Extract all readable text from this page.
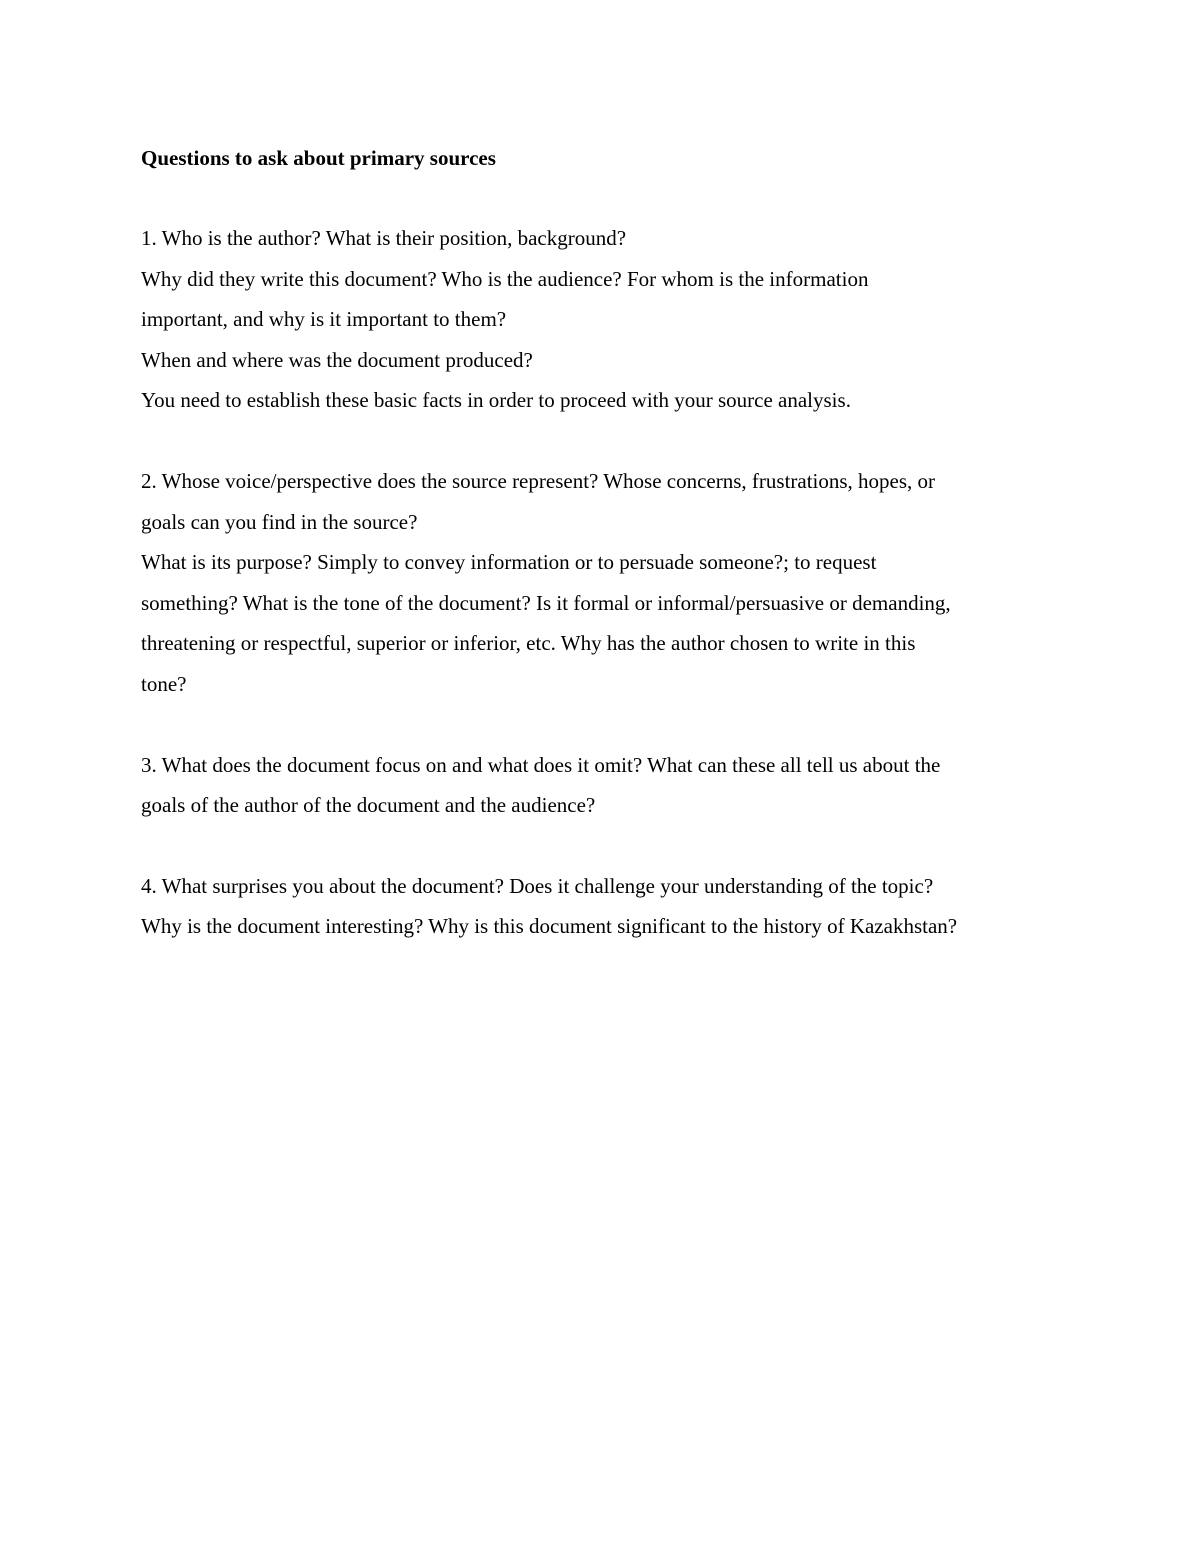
Questions to ask about primary sources
1. Who is the author? What is their position, background?
Why did they write this document? Who is the audience? For whom is the information
important, and why is it important to them?
When and where was the document produced?
You need to establish these basic facts in order to proceed with your source analysis.
2. Whose voice/perspective does the source represent? Whose concerns, frustrations, hopes, or
goals can you find in the source?
What is its purpose? Simply to convey information or to persuade someone?; to request
something? What is the tone of the document? Is it formal or informal/persuasive or demanding,
threatening or respectful, superior or inferior, etc. Why has the author chosen to write in this
tone?
3. What does the document focus on and what does it omit? What can these all tell us about the
goals of the author of the document and the audience?
4. What surprises you about the document? Does it challenge your understanding of the topic?
Why is the document interesting? Why is this document significant to the history of Kazakhstan?
